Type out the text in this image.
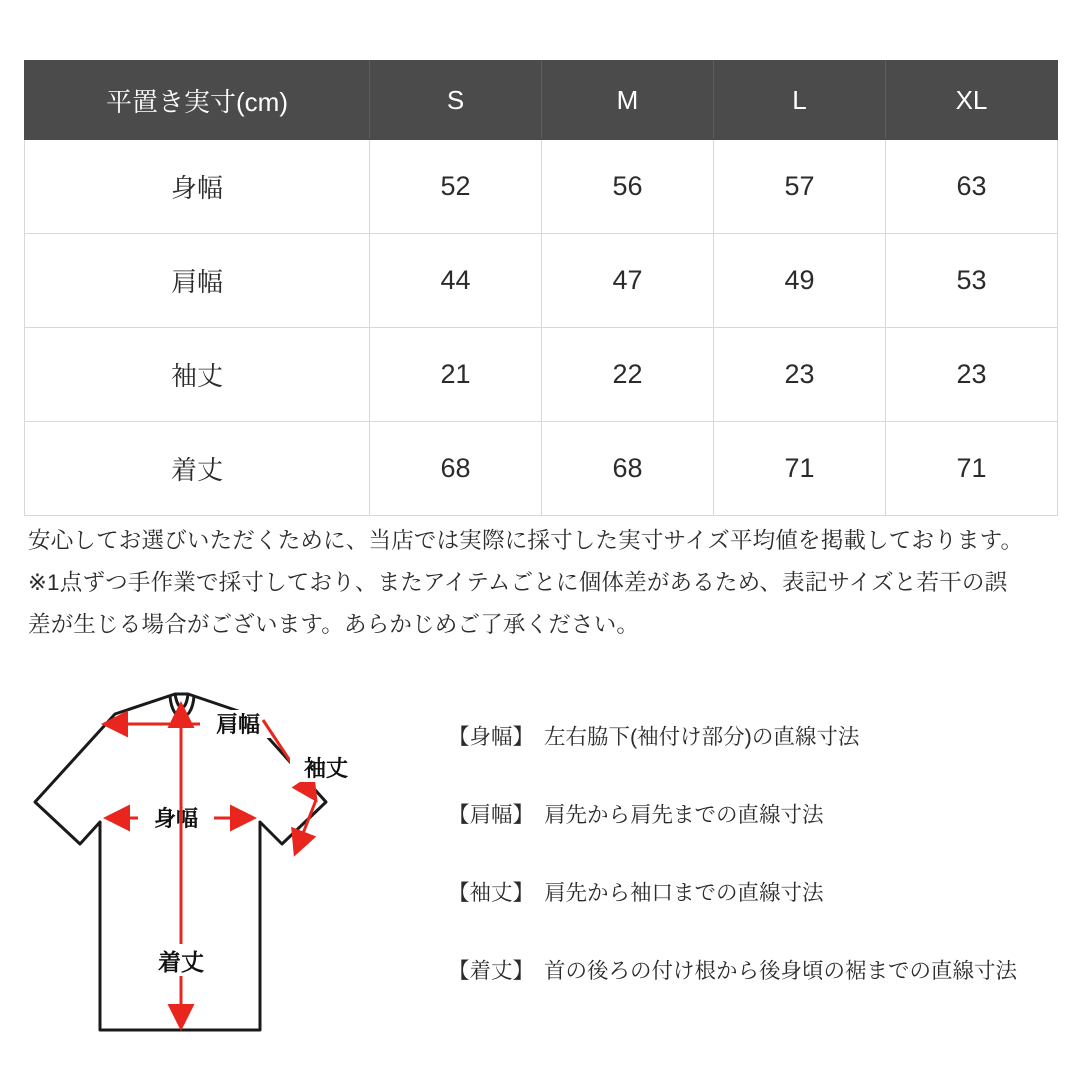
平置き実寸(cm)	S	M	L	XL
身幅	52	56	57	63
肩幅	44	47	49	53
袖丈	21	22	23	23
着丈	68	68	71	71
安心してお選びいただくために、当店では実際に採寸した実寸サイズ平均値を掲載しております。
※1点ずつ手作業で採寸しており、またアイテムごとに個体差があるため、表記サイズと若干の誤
差が生じる場合がございます。あらかじめご了承ください。
肩幅
袖丈
身幅
着丈
【身幅】 左右脇下(袖付け部分)の直線寸法
【肩幅】 肩先から肩先までの直線寸法
【袖丈】 肩先から袖口までの直線寸法
【着丈】 首の後ろの付け根から後身頃の裾までの直線寸法
